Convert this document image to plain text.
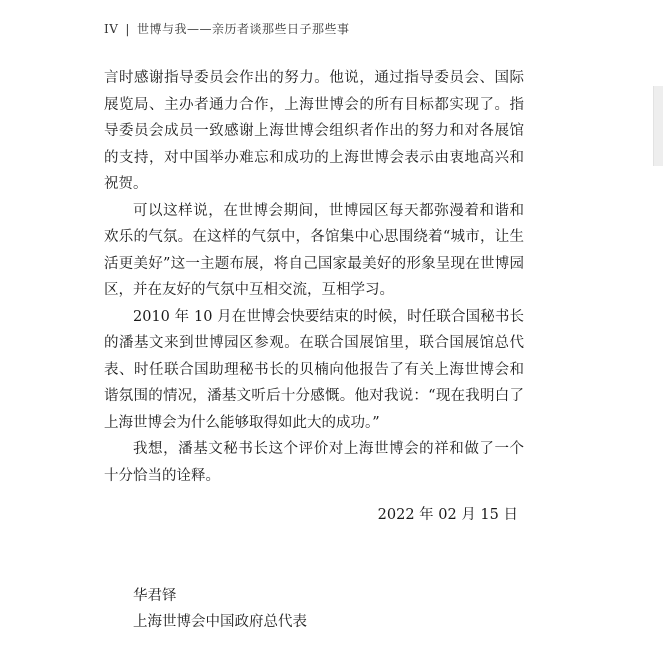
IV | 世博与我——亲历者谈那些日子那些事

言时感谢指导委员会作出的努力。他说，通过指导委员会、国际展览局、主办者通力合作，上海世博会的所有目标都实现了。指导委员会成员一致感谢上海世博会组织者作出的努力和对各展馆的支持，对中国举办难忘和成功的上海世博会表示由衷地高兴和祝贺。

可以这样说，在世博会期间，世博园区每天都弥漫着和谐和欢乐的气氛。在这样的气氛中，各馆集中心思围绕着“城市，让生活更美好”这一主题布展，将自己国家最美好的形象呈现在世博园区，并在友好的气氛中互相交流，互相学习。

2010 年 10 月在世博会快要结束的时候，时任联合国秘书长的潘基文来到世博园区参观。在联合国展馆里，联合国展馆总代表、时任联合国助理秘书长的贝楠向他报告了有关上海世博会和谐氛围的情况，潘基文听后十分感慨。他对我说：“现在我明白了上海世博会为什么能够取得如此大的成功。”

我想，潘基文秘书长这个评价对上海世博会的祥和做了一个十分恰当的诠释。

2022 年 02 月 15 日
华君铎
上海世博会中国政府总代表
